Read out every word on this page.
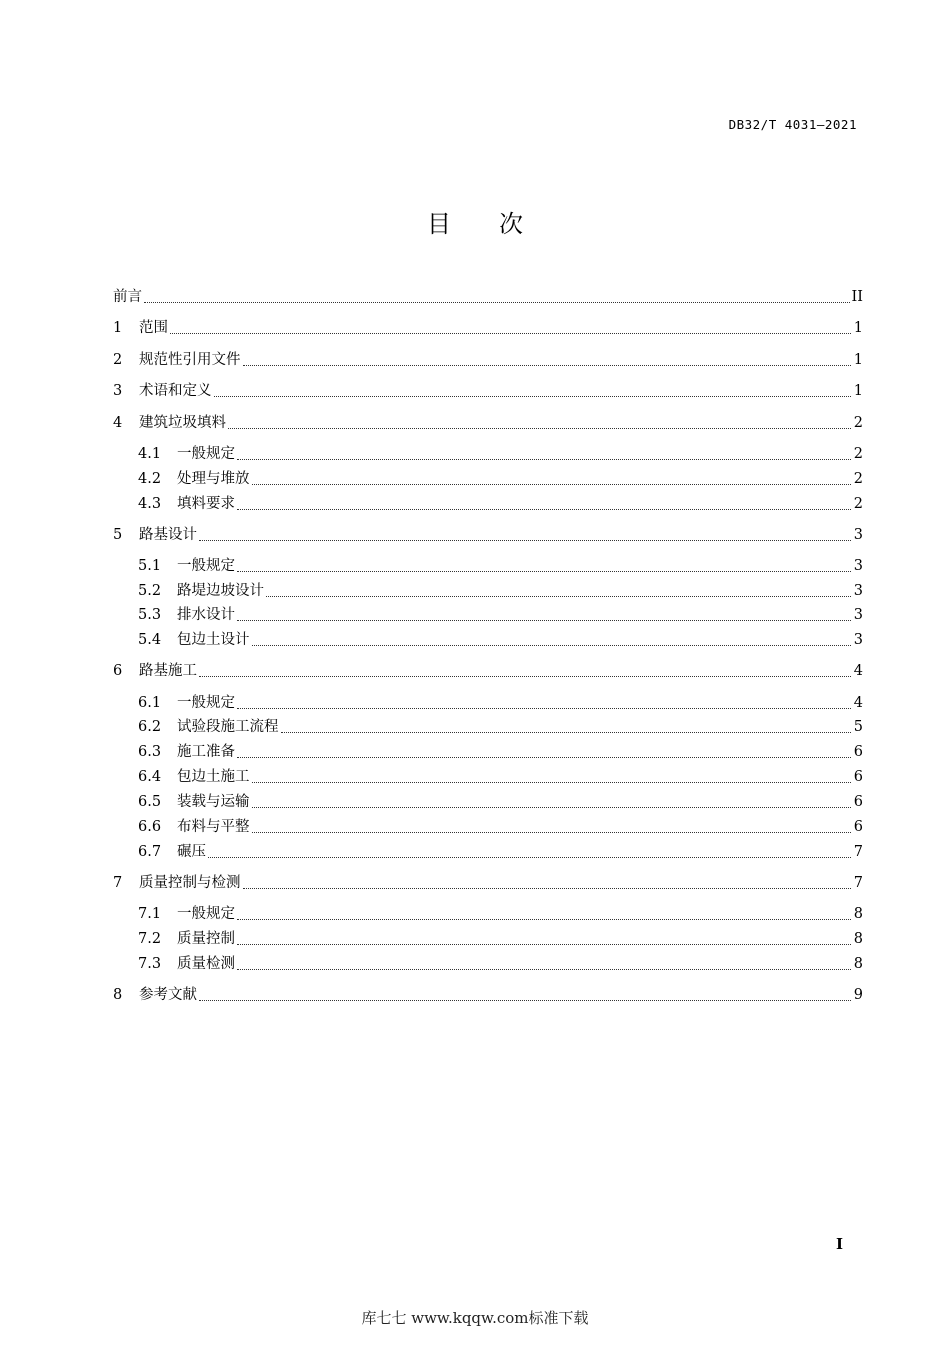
DB32/T 4031—2021
目次
前言	II
1	范围	1
2	规范性引用文件	1
3	术语和定义	1
4	建筑垃圾填料	2
4.1	一般规定	2
4.2	处理与堆放	2
4.3	填料要求	2
5	路基设计	3
5.1	一般规定	3
5.2	路堤边坡设计	3
5.3	排水设计	3
5.4	包边土设计	3
6	路基施工	4
6.1	一般规定	4
6.2	试验段施工流程	5
6.3	施工准备	6
6.4	包边土施工	6
6.5	装载与运输	6
6.6	布料与平整	6
6.7	碾压	7
7	质量控制与检测	7
7.1	一般规定	8
7.2	质量控制	8
7.3	质量检测	8
8	参考文献	9
I
库七七 www.kqqw.com标准下载
